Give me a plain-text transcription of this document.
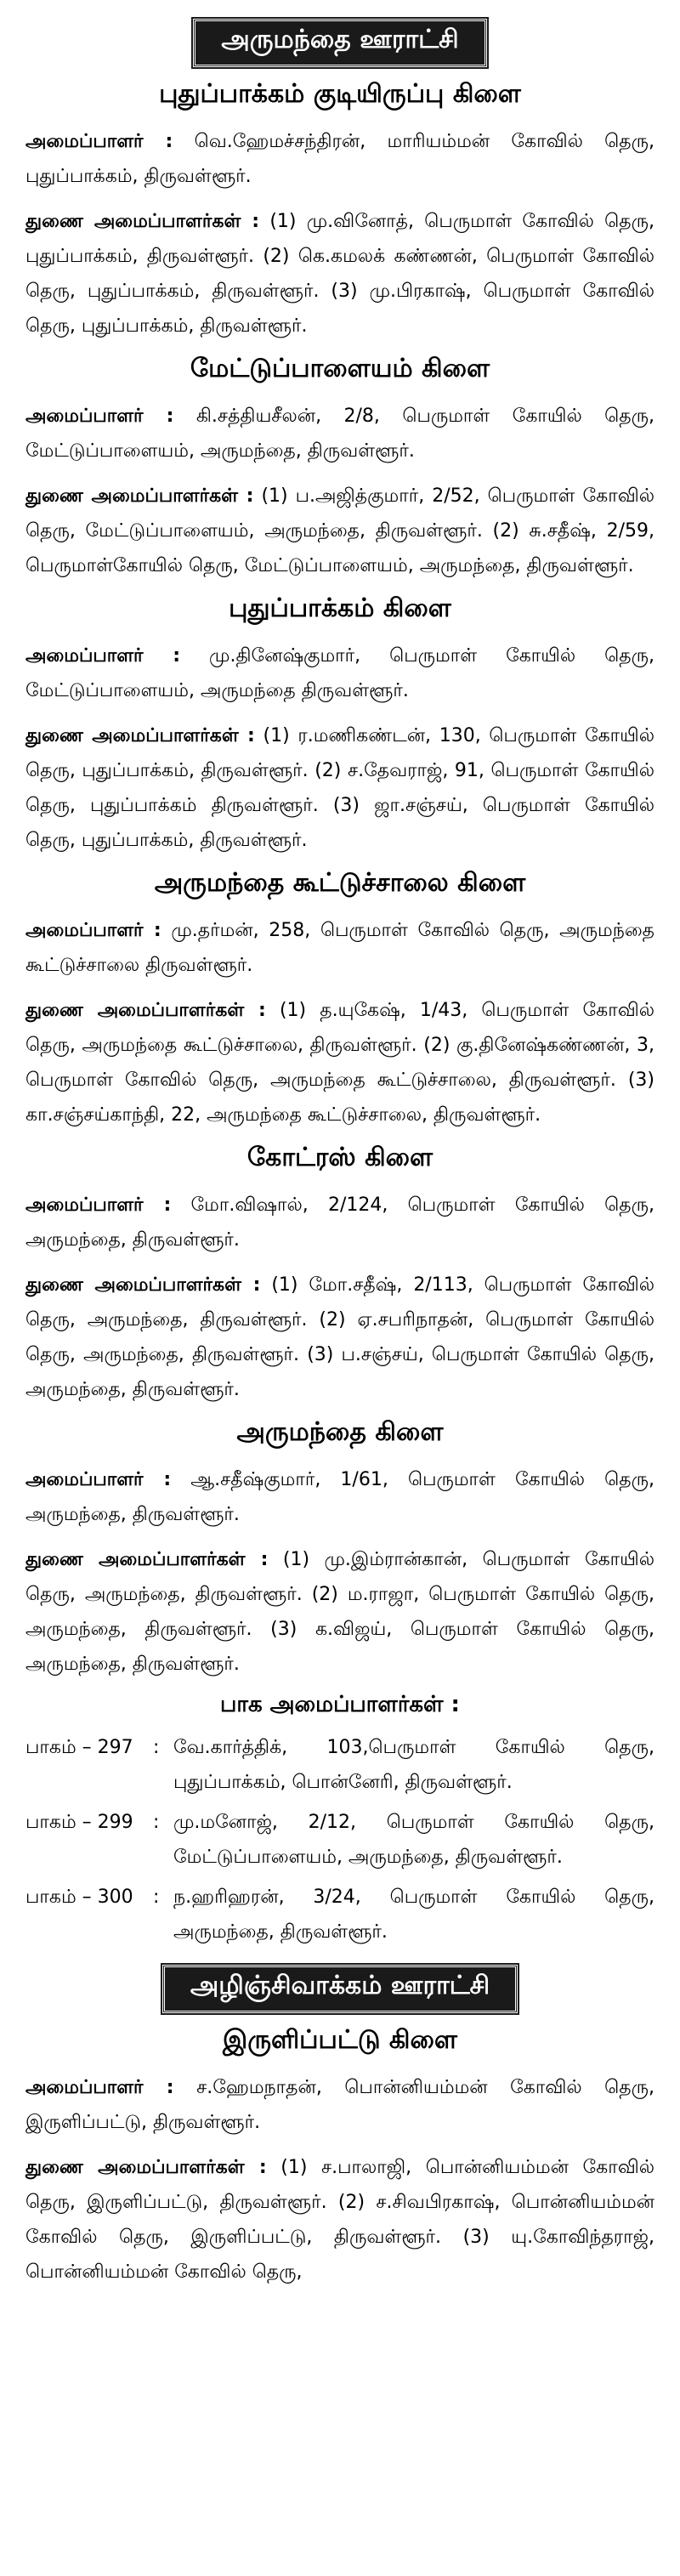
அருமந்தை ஊராட்சி
புதுப்பாக்கம் குடியிருப்பு கிளை

அமைப்பாளர் : வெ.ஹேமச்சந்திரன், மாரியம்மன் கோவில் தெரு, புதுப்பாக்கம், திருவள்ளூர்.

துணை அமைப்பாளர்கள் : (1) மு.வினோத், பெருமாள் கோவில் தெரு, புதுப்பாக்கம், திருவள்ளூர். (2) கெ.கமலக் கண்ணன், பெருமாள் கோவில் தெரு, புதுப்பாக்கம், திருவள்ளூர். (3) மு.பிரகாஷ், பெருமாள் கோவில் தெரு, புதுப்பாக்கம், திருவள்ளூர்.

மேட்டுப்பாளையம் கிளை

அமைப்பாளர் : கி.சத்தியசீலன், 2/8, பெருமாள் கோயில் தெரு, மேட்டுப்பாளையம், அருமந்தை, திருவள்ளூர்.

துணை அமைப்பாளர்கள் : (1) ப.அஜித்குமார், 2/52, பெருமாள் கோவில் தெரு, மேட்டுப்பாளையம், அருமந்தை, திருவள்ளூர். (2) சு.சதீஷ், 2/59, பெருமாள்கோயில் தெரு, மேட்டுப்பாளையம், அருமந்தை, திருவள்ளூர்.

புதுப்பாக்கம் கிளை

அமைப்பாளர் : மு.தினேஷ்குமார், பெருமாள் கோயில் தெரு, மேட்டுப்பாளையம், அருமந்தை திருவள்ளூர்.

துணை அமைப்பாளர்கள் : (1) ர.மணிகண்டன், 130, பெருமாள் கோயில் தெரு, புதுப்பாக்கம், திருவள்ளூர். (2) ச.தேவராஜ், 91, பெருமாள் கோயில் தெரு, புதுப்பாக்கம் திருவள்ளூர். (3) ஜா.சஞ்சய், பெருமாள் கோயில் தெரு, புதுப்பாக்கம், திருவள்ளூர்.

அருமந்தை கூட்டுச்சாலை கிளை

அமைப்பாளர் : மு.தர்மன், 258, பெருமாள் கோவில் தெரு, அருமந்தை கூட்டுச்சாலை திருவள்ளூர்.

துணை அமைப்பாளர்கள் : (1) த.யுகேஷ், 1/43, பெருமாள் கோவில் தெரு, அருமந்தை கூட்டுச்சாலை, திருவள்ளூர். (2) கு.தினேஷ்கண்ணன், 3, பெருமாள் கோவில் தெரு, அருமந்தை கூட்டுச்சாலை, திருவள்ளூர். (3) கா.சஞ்சய்காந்தி, 22, அருமந்தை கூட்டுச்சாலை, திருவள்ளூர்.

கோட்ரஸ் கிளை

அமைப்பாளர் : மோ.விஷால், 2/124, பெருமாள் கோயில் தெரு, அருமந்தை, திருவள்ளூர்.

துணை அமைப்பாளர்கள் : (1) மோ.சதீஷ், 2/113, பெருமாள் கோவில் தெரு, அருமந்தை, திருவள்ளூர். (2) ஏ.சபரிநாதன், பெருமாள் கோயில் தெரு, அருமந்தை, திருவள்ளூர். (3) ப.சஞ்சய், பெருமாள் கோயில் தெரு, அருமந்தை, திருவள்ளூர்.

அருமந்தை கிளை

அமைப்பாளர் : ஆ.சதீஷ்குமார், 1/61, பெருமாள் கோயில் தெரு, அருமந்தை, திருவள்ளூர்.

துணை அமைப்பாளர்கள் : (1) மு.இம்ரான்கான், பெருமாள் கோயில் தெரு, அருமந்தை, திருவள்ளூர். (2) ம.ராஜா, பெருமாள் கோயில் தெரு, அருமந்தை, திருவள்ளூர். (3) க.விஜய், பெருமாள் கோயில் தெரு, அருமந்தை, திருவள்ளூர்.

பாக அமைப்பாளர்கள் :
பாகம் – 297	: வே.கார்த்திக், 103,பெருமாள் கோயில் தெரு, புதுப்பாக்கம், பொன்னேரி, திருவள்ளூர்.
பாகம் – 299	: மு.மனோஜ், 2/12, பெருமாள் கோயில் தெரு, மேட்டுப்பாளையம், அருமந்தை, திருவள்ளூர்.
பாகம் – 300	: ந.ஹரிஹரன், 3/24, பெருமாள் கோயில் தெரு, அருமந்தை, திருவள்ளூர்.
அழிஞ்சிவாக்கம் ஊராட்சி
இருளிப்பட்டு கிளை

அமைப்பாளர் : ச.ஹேமநாதன், பொன்னியம்மன் கோவில் தெரு, இருளிப்பட்டு, திருவள்ளூர்.

துணை அமைப்பாளர்கள் : (1) ச.பாலாஜி, பொன்னியம்மன் கோவில் தெரு, இருளிப்பட்டு, திருவள்ளூர். (2) ச.சிவபிரகாஷ், பொன்னியம்மன் கோவில் தெரு, இருளிப்பட்டு, திருவள்ளூர். (3) யு.கோவிந்தராஜ், பொன்னியம்மன் கோவில் தெரு,
